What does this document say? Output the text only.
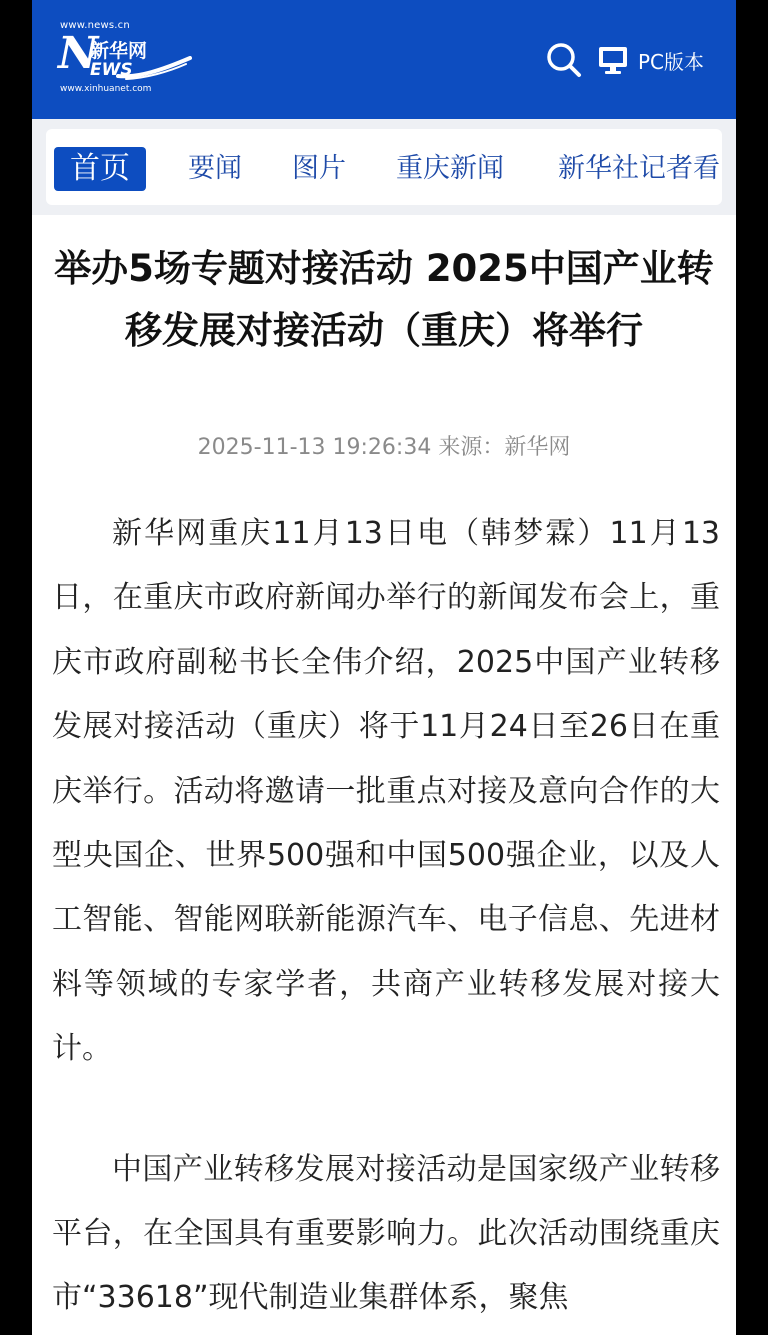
www.news.cn
N
新华网
EWS
www.xinhuanet.com
PC版本
首页	要闻 图片 重庆新闻 新华社记者看
举办5场专题对接活动 2025中国产业转移发展对接活动（重庆）将举行
2025-11-13 19:26:34 来源：新华网

新华网重庆11月13日电（韩梦霖）11月13日，在重庆市政府新闻办举行的新闻发布会上，重庆市政府副秘书长全伟介绍，2025中国产业转移发展对接活动（重庆）将于11月24日至26日在重庆举行。活动将邀请一批重点对接及意向合作的大型央国企、世界500强和中国500强企业，以及人工智能、智能网联新能源汽车、电子信息、先进材料等领域的专家学者，共商产业转移发展对接大计。

中国产业转移发展对接活动是国家级产业转移平台，在全国具有重要影响力。此次活动围绕重庆市“33618”现代制造业集群体系，聚焦
